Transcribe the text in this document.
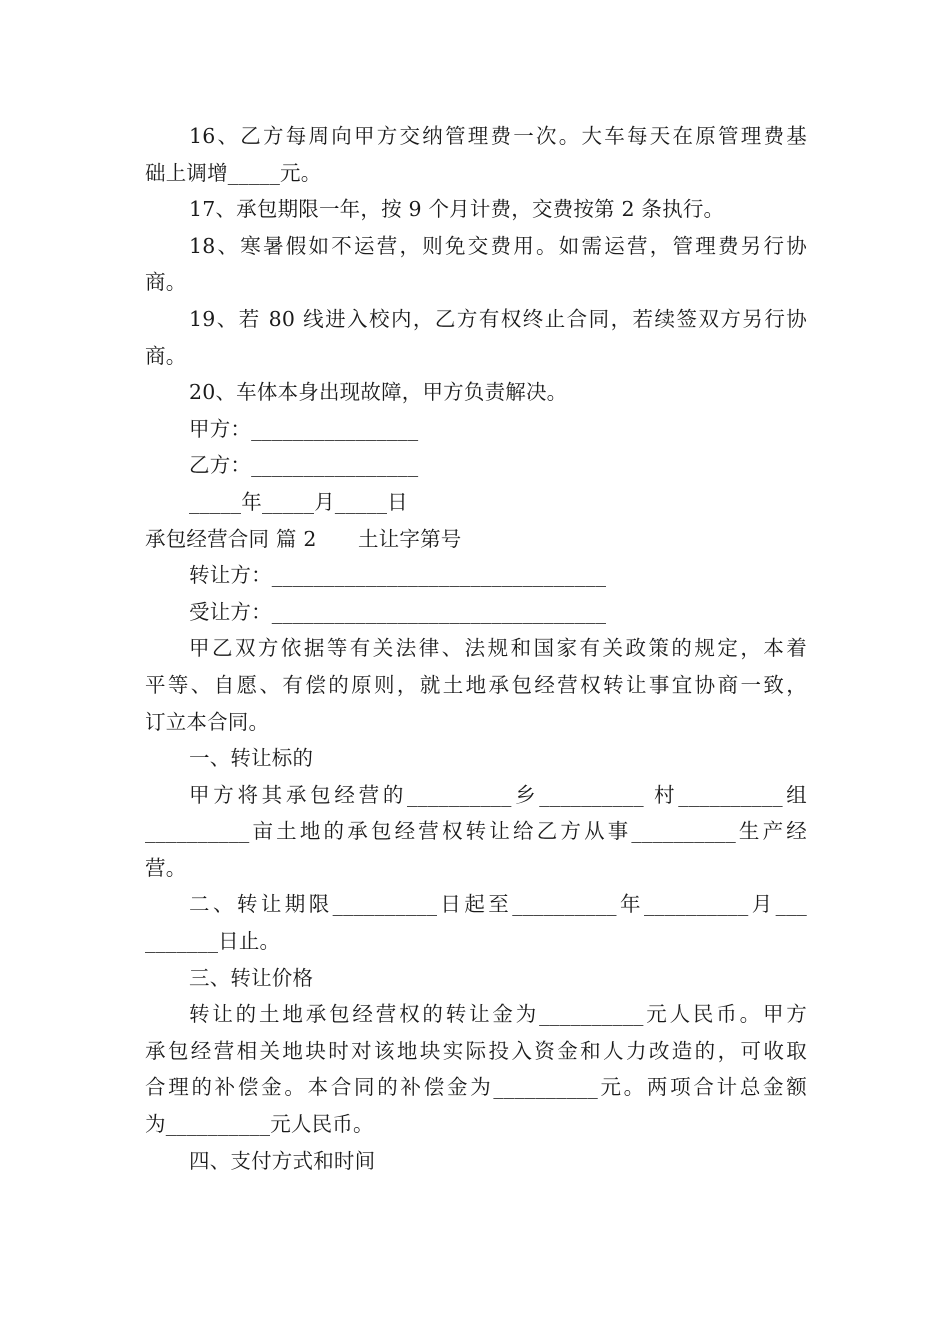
16、乙方每周向甲方交纳管理费一次。大车每天在原管理费基
础上调增_____元。
17、承包期限一年，按 9 个月计费，交费按第 2 条执行。
18、寒暑假如不运营，则免交费用。如需运营，管理费另行协
商。
19、若 80 线进入校内，乙方有权终止合同，若续签双方另行协
商。
20、车体本身出现故障，甲方负责解决。
甲方：________________
乙方：________________
_____年_____月_____日
承包经营合同 篇 2　　土让字第号
转让方：________________________________
受让方：________________________________
甲乙双方依据等有关法律、法规和国家有关政策的规定，本着
平等、自愿、有偿的原则，就土地承包经营权转让事宜协商一致，
订立本合同。
一、转让标的
甲方将其承包经营的__________乡__________ 村__________组
__________亩土地的承包经营权转让给乙方从事__________生产经
营。
二、转让期限__________日起至__________年__________月___
_______日止。
三、转让价格
转让的土地承包经营权的转让金为__________元人民币。甲方
承包经营相关地块时对该地块实际投入资金和人力改造的，可收取
合理的补偿金。本合同的补偿金为__________元。两项合计总金额
为__________元人民币。
四、支付方式和时间
